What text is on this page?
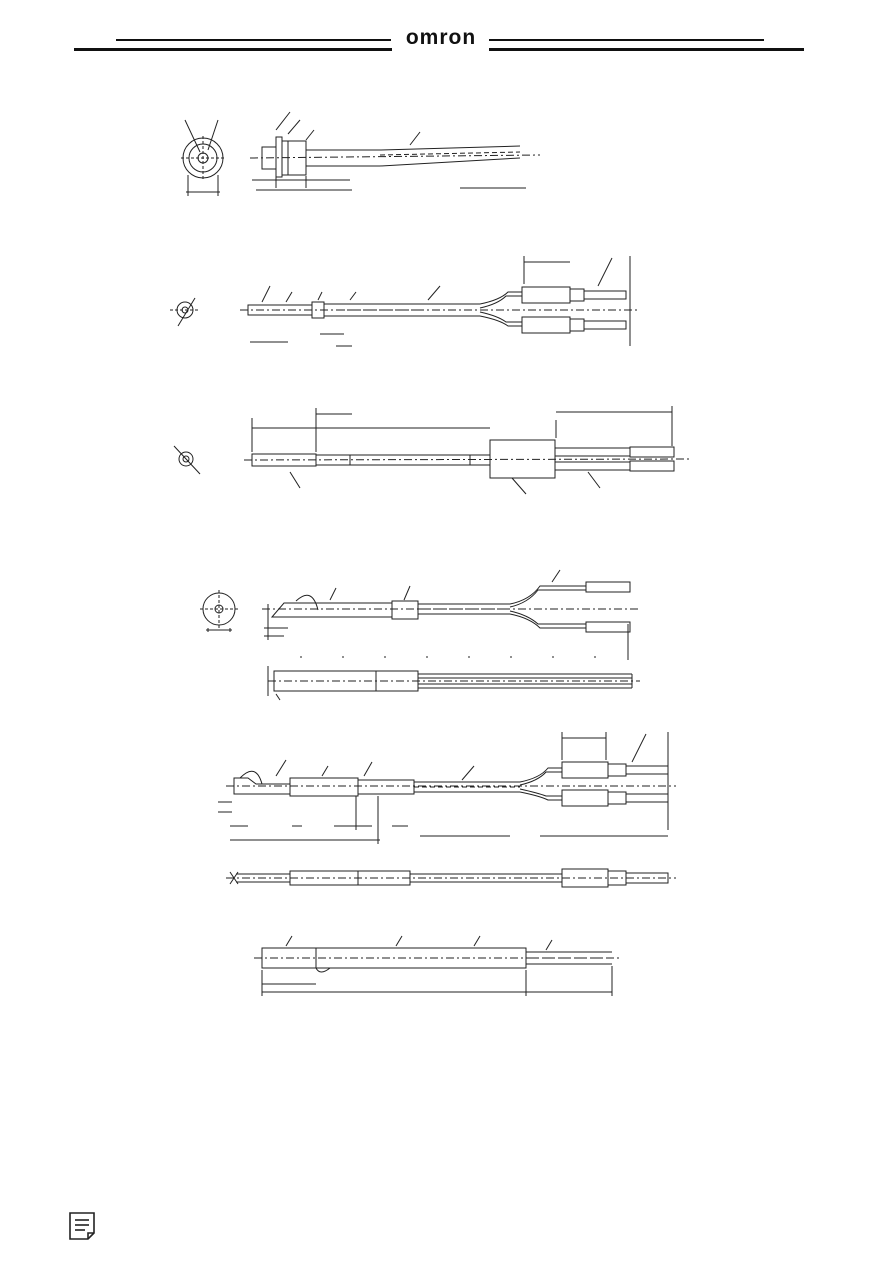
omron
